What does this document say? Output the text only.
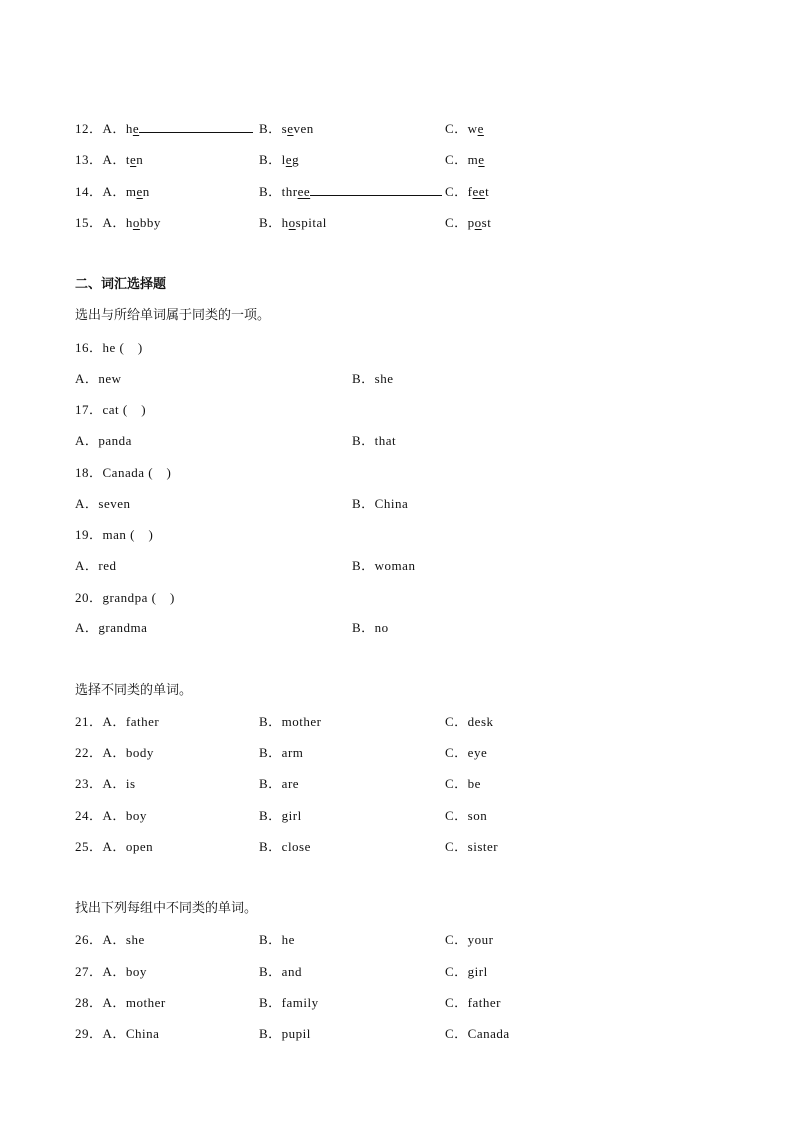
12．A．he	B．seven	C．we
13．A．ten	B．leg	C．me
14．A．men	B．three	C．feet
15．A．hobby	B．hospital	C．post
二、词汇选择题
选出与所给单词属于同类的一项。
16．he (　)
A．new	B．she
17．cat (　)
A．panda	B．that
18．Canada (　)
A．seven	B．China
19．man (　)
A．red	B．woman
20．grandpa (　)
A．grandma	B．no
选择不同类的单词。
21．A．father	B．mother	C．desk
22．A．body	B．arm	C．eye
23．A．is	B．are	C．be
24．A．boy	B．girl	C．son
25．A．open	B．close	C．sister
找出下列每组中不同类的单词。
26．A．she	B．he	C．your
27．A．boy	B．and	C．girl
28．A．mother	B．family	C．father
29．A．China	B．pupil	C．Canada
